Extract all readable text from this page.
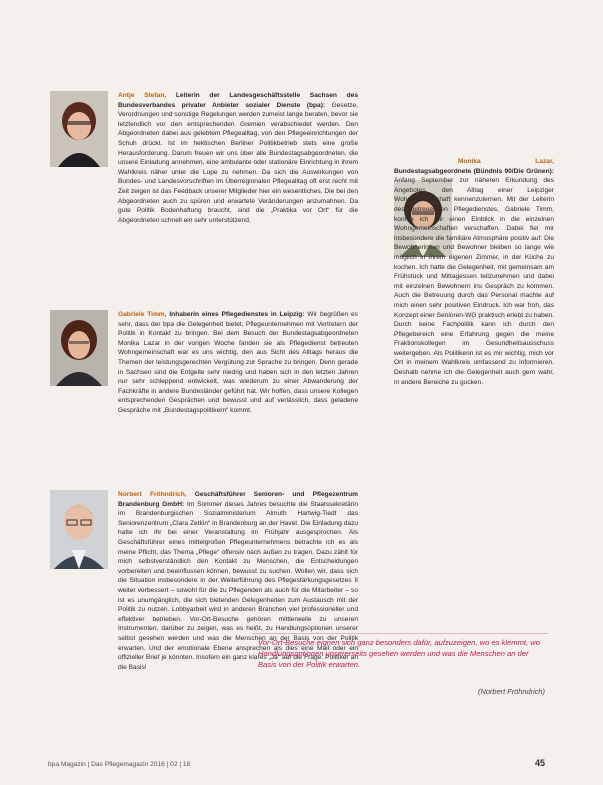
Antje Stefan, Leiterin der Landesgeschäftsstelle Sachsen des Bundesverbandes privater Anbieter sozialer Dienste (bpa): Gesetze, Verordnungen und sonstige Regelungen werden zumeist lange beraten, bevor sie letztendlich vor den entsprechenden Gremien verabschiedet werden. Den Abgeordneten dabei aus gelebtem Pflegealltag, von den Pflegeeinrichtungen der Schuh drückt. Ist im hektischen Berliner Politikbetrieb stets eine große Herausforderung. Darum freuen wir uns über alle Bundestagsabgeordneten, die unsere Einladung annehmen, eine ambulante oder stationäre Einrichtung in ihrem Wahlkreis näher unter die Lupe zu nehmen. Da sich die Auswirkungen von Bundes- und Landesvorschriften im Überregionalen Pflegealltag oft erst recht mit Zeit zeigen ist das Feedback unserer Mitglieder hier ein wesentliches. Die bei den Abgeordneten auch zu spüren und erwartete Veränderungen anzumahnen. Da gute Politik Bodenhaftung braucht, sind die „Praktika vor Ort“ für die Abgeordneten schnell ein sehr unterstützend.

Monika Lazar, Bundestagsabgeordnete (Bündnis 90/Die Grünen): Anfang September zur näheren Erkundung des Angebotes, den Alltag einer Leipziger Wohngemeinschaft kennenzulernen. Mit der Leiterin des betreuenden Pflegedienstes, Gabriele Timm, konnte ich mir einen Einblick in die einzelnen Wohngemeinschaften verschaffen. Dabei fiel mir insbesondere die familiäre Atmosphäre positiv auf: Die Bewohnerinnen und Bewohner bleiben so lange wie möglich in ihrem eigenen Zimmer, in der Küche zu kochen. Ich hatte die Gelegenheit, mit gemeinsam am Frühstück und Mittagessen teilzunehmen und dabei mit einzelnen Bewohnern ins Gespräch zu kommen. Auch die Betreuung durch das Personal machte auf mich einen sehr positiven Eindruck. Ich war froh, das Konzept einer Senioren-WG praktisch erlebt zu haben. Durch keine Fachpolitik kann ich durch den Pflegebereich eine Erfahrung gegen die meine Fraktionskollegen im Gesundheitsausschuss weitergeben. Als Politikerin ist es mir wichtig, mich vor Ort in meinem Wahlkreis umfassend zu informieren. Deshalb nehme ich die Gelegenheit auch gern wahr, in andere Bereiche zu gucken.

Gabriele Timm, Inhaberin eines Pflegedienstes in Leipzig: Wir begrüßen es sehr, dass der bpa die Gelegenheit bietet, Pflegeunternehmen mit Vertretern der Politik in Kontakt zu bringen. Bei dem Besuch der Bundestagsabgeordneten Monika Lazar in der vorigen Woche fanden sie als Pflegedienst betreuten Wohngemeinschaft war es uns wichtig, den aus Sicht des Alltags heraus die Themen der leistungsgerechten Vergütung zur Sprache zu bringen. Denn gerade in Sachsen sind die Entgelte sehr niedrig und haben sich in den letzten Jahren nur sehr schleppend entwickelt, was wiederum zu einer Abwanderung der Fachkräfte in andere Bundesländer geführt hat. Wir hoffen, dass unsere Kollegen entsprechenden Gesprächen und bewusst und auf verlässlich, dass geladene Gespräche mit „Bundestagspolitikern“ kommt.

Norbert Fröhndrich, Geschäftsführer Senioren- und Pflegezentrum Brandenburg GmbH: Im Sommer dieses Jahres besuchte die Staatssekretärin im Brandenburgischen Sozialministerium Almuth Hartwig-Tiedt das Seniorenzentrum „Clara Zetkin“ in Brandenburg an der Havel. Die Einladung dazu hatte ich ihr bei einer Veranstaltung im Frühjahr ausgesprochen. Als Geschäftsführer eines mittelgroßen Pflegeunternehmens betrachte ich es als meine Pflicht, das Thema „Pflege“ offensiv nach außen zu tragen. Dazu zählt für mich selbstverständlich den Kontakt zu Menschen, die Entscheidungen vorbereiten und beeinflussen können, bewusst zu suchen. Wollen wir, dass sich die Situation insbesondere in der Weiterführung des Pflegestärkungsgesetzes II weiter verbessert – sowohl für die zu Pflegenden als auch für die Mitarbeiter – so ist es unumgänglich, die sich bietenden Gelegenheiten zum Austausch mit der Politik zu nutzen. Lobbyarbeit wird in anderen Branchen viel professioneller und effektiver betrieben. Vor-Ort-Besuche gehören mittlerweile zu unseren Instrumenten, darüber zu zeigen, was es heißt, zu Handlungsoptionen unserer selbst gesehen werden und was die Menschen an der Basis von der Politik erwarten. Und der emotionale Ebene ansprechen als dies eine Mail oder ein offizieller Brief je könnten. Insofern ein ganz klares „Ja“ auf die Frage: Politiker an die Basis!

Vor-Ort-Besuche eignen sich ganz besonders dafür, aufzuzeigen, wo es klemmt, wo Handlungsoptionen unsererseits gesehen werden und was die Menschen an der Basis von der Politik erwarten.
(Norbert Fröhndrich)
bpa.Magazin | Das Pflegemagazin 2016 | 02 | 18	45
